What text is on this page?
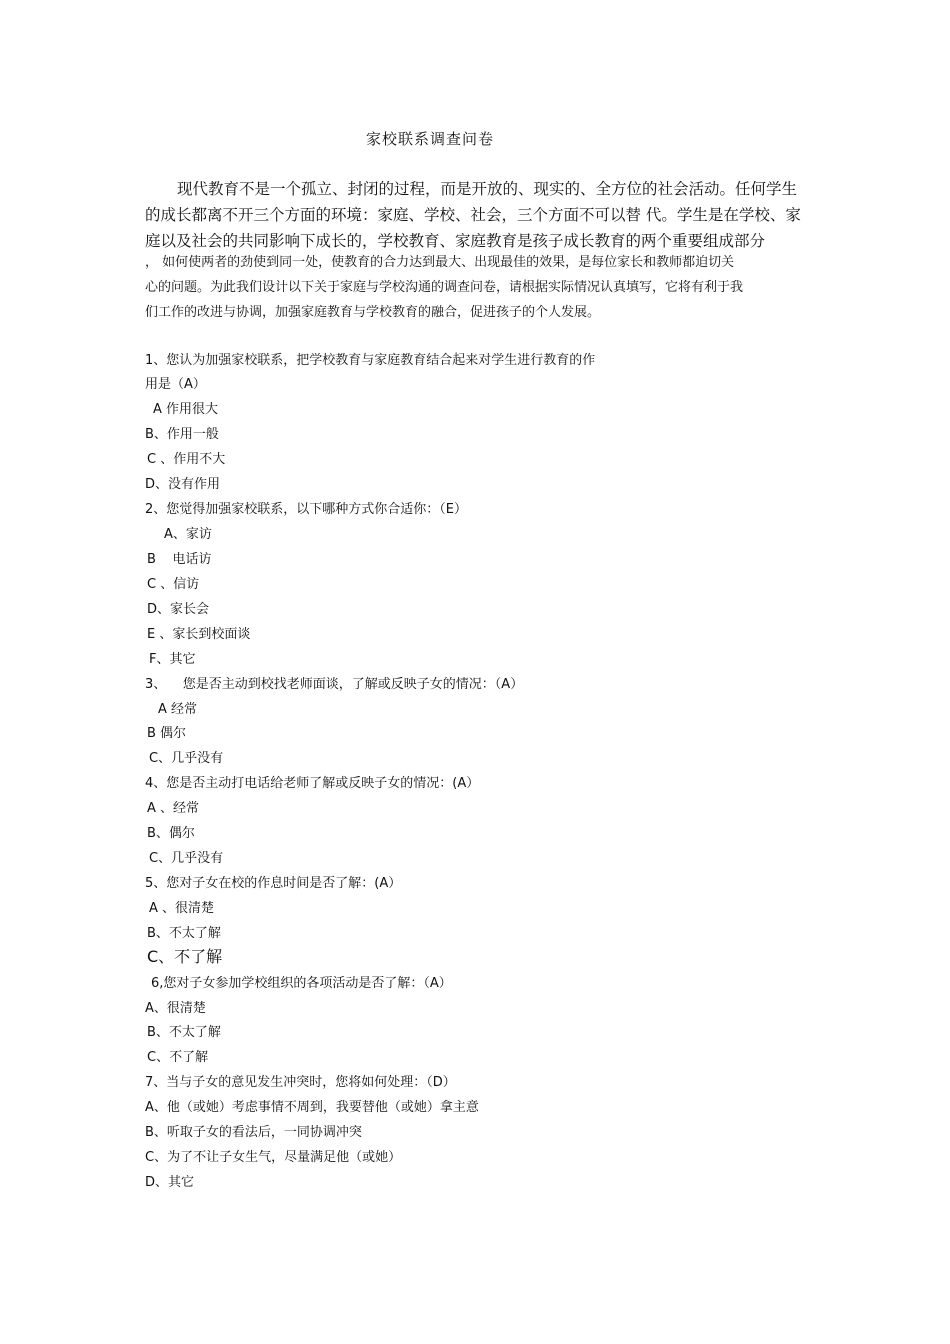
家校联系调查问卷
现代教育不是一个孤立、封闭的过程，而是开放的、现实的、全方位的社会活动。任何学生
的成长都离不开三个方面的环境：家庭、学校、社会，三个方面不可以替 代。学生是在学校、家
庭以及社会的共同影响下成长的，学校教育、家庭教育是孩子成长教育的两个重要组成部分
， 如何使两者的劲使到同一处，使教育的合力达到最大、出现最佳的效果，是每位家长和教师都迫切关
心的问题。为此我们设计以下关于家庭与学校沟通的调查问卷，请根据实际情况认真填写，它将有利于我
们工作的改进与协调，加强家庭教育与学校教育的融合，促进孩子的个人发展。
1、您认为加强家校联系，把学校教育与家庭教育结合起来对学生进行教育的作
用是（A）
A 作用很大
B、作用一般
C 、作用不大
D、没有作用
2、您觉得加强家校联系，以下哪种方式你合适你：（E）
A、家访
B    电话访
C 、信访
D、家长会
E 、家长到校面谈
F、其它
3、    您是否主动到校找老师面谈，了解或反映子女的情况：（A）
A 经常
B 偶尔
C、几乎没有
4、您是否主动打电话给老师了解或反映子女的情况：(A）
A 、经常
B、偶尔
C、几乎没有
5、您对子女在校的作息时间是否了解：(A）
A 、很清楚
B、不太了解
C、不了解
6,您对子女参加学校组织的各项活动是否了解：（A）
A、很清楚
B、不太了解
C、不了解
7、当与子女的意见发生冲突时，您将如何处理：（D）
A、他（或她）考虑事情不周到，我要替他（或她）拿主意
B、听取子女的看法后，一同协调冲突
C、为了不让子女生气，尽量满足他（或她）
D、其它
